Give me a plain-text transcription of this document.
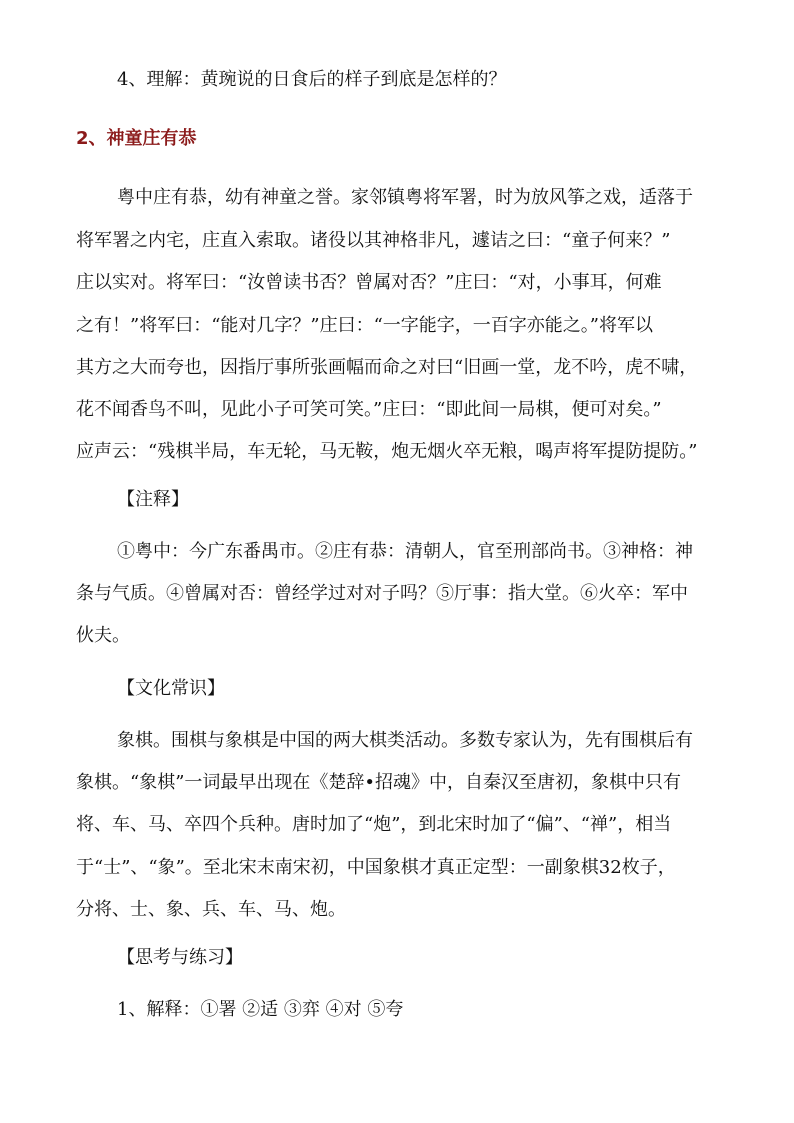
4、理解：黄琬说的日食后的样子到底是怎样的？
2、神童庄有恭
粤中庄有恭，幼有神童之誉。家邻镇粤将军署，时为放风筝之戏，适落于
将军署之内宅，庄直入索取。诸役以其神格非凡，遽诘之曰：“童子何来？”
庄以实对。将军曰：“汝曾读书否？曾属对否？”庄曰：“对，小事耳，何难
之有！”将军曰：“能对几字？”庄曰：“一字能字，一百字亦能之。”将军以
其方之大而夸也，因指厅事所张画幅而命之对曰“旧画一堂，龙不吟，虎不啸，
花不闻香鸟不叫，见此小子可笑可笑。”庄曰：“即此间一局棋，便可对矣。”
应声云：“残棋半局，车无轮，马无鞍，炮无烟火卒无粮，喝声将军提防提防。”
【注释】
①粤中：今广东番禺市。②庄有恭：清朝人，官至刑部尚书。③神格：神
条与气质。④曾属对否：曾经学过对对子吗？⑤厅事：指大堂。⑥火卒：军中
伙夫。
【文化常识】
象棋。围棋与象棋是中国的两大棋类活动。多数专家认为，先有围棋后有
象棋。“象棋”一词最早出现在《楚辞•招魂》中，自秦汉至唐初，象棋中只有
将、车、马、卒四个兵种。唐时加了“炮”，到北宋时加了“偏”、“禅”，相当
于“士”、“象”。至北宋末南宋初，中国象棋才真正定型：一副象棋32枚子，
分将、士、象、兵、车、马、炮。
【思考与练习】
1、解释：①署 ②适 ③弈 ④对 ⑤夸
